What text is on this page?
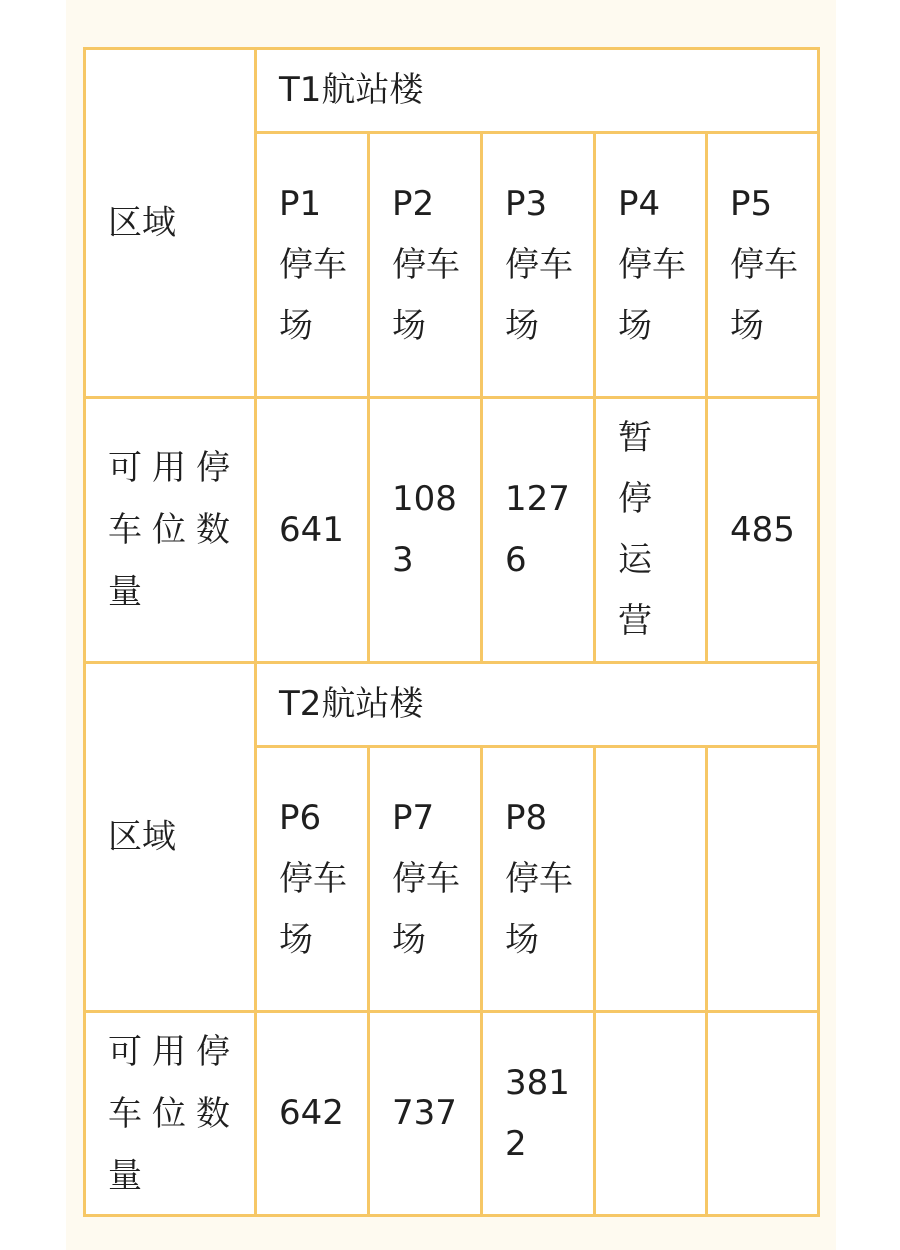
区域	T1航站楼				

	P1停车场	P2停车场	P3停车场	P4停车场	P5停车场

可用停车位数量	641	1083	1276	暂停运营	485

区域	T2航站楼				

	P6停车场	P7停车场	P8停车场		

可用停车位数量	642	737	3812		
